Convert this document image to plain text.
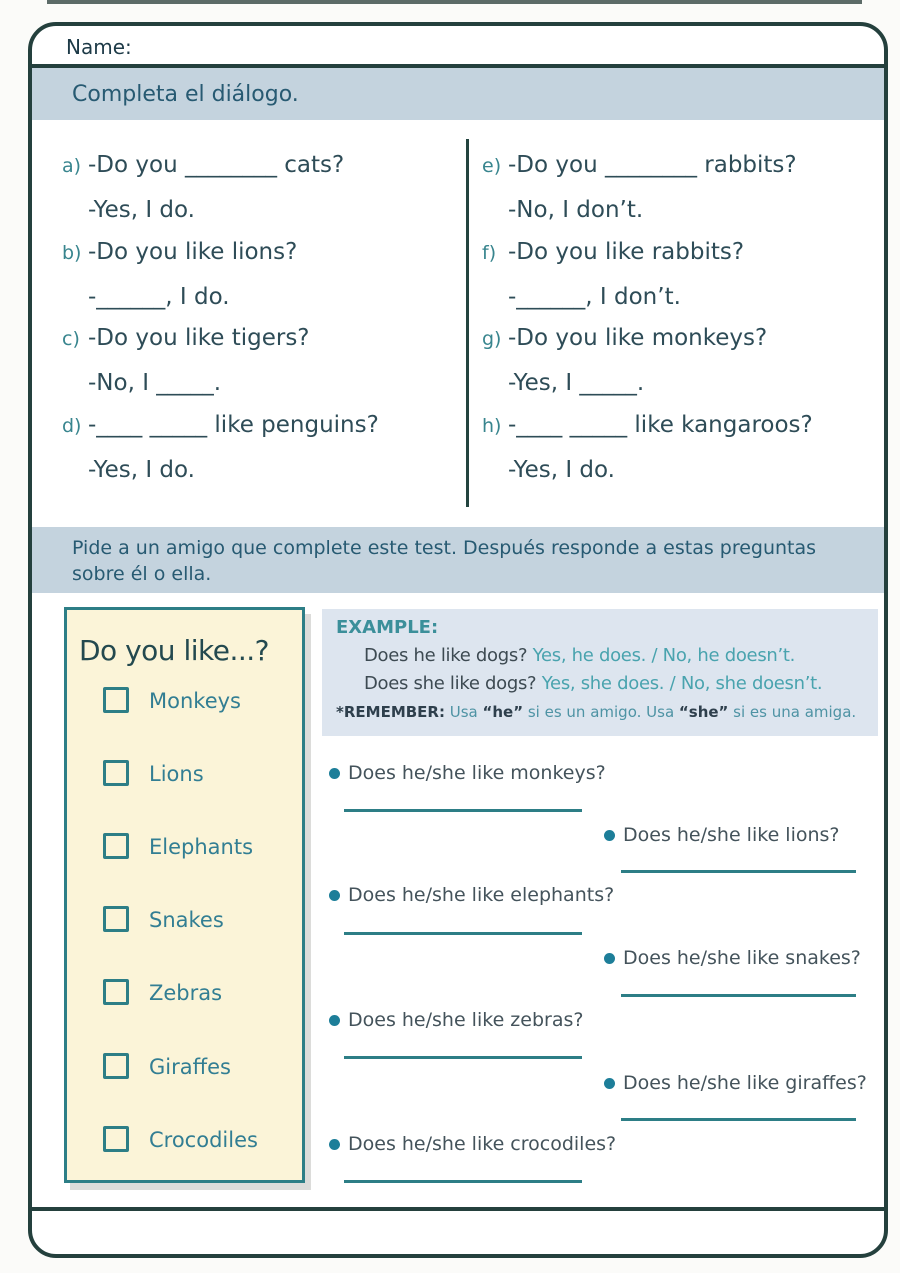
Name:
Completa el diálogo.
a) -Do you ________ cats?
-Yes, I do.
b) -Do you like lions?
-______, I do.
c) -Do you like tigers?
-No, I _____.
d) -____ _____ like penguins?
-Yes, I do.
e) -Do you ________ rabbits?
-No, I don’t.
f) -Do you like rabbits?
-______, I don’t.
g) -Do you like monkeys?
-Yes, I _____.
h) -____ _____ like kangaroos?
-Yes, I do.
Pide a un amigo que complete este test. Después responde a estas preguntas sobre él o ella.
Do you like...?
Monkeys
Lions
Elephants
Snakes
Zebras
Giraffes
Crocodiles
EXAMPLE:
Does he like dogs? Yes, he does. / No, he doesn’t.
Does she like dogs? Yes, she does. / No, she doesn’t.
*REMEMBER: Usa “he” si es un amigo. Usa “she” si es una amiga.
Does he/she like monkeys?
Does he/she like lions?
Does he/she like elephants?
Does he/she like snakes?
Does he/she like zebras?
Does he/she like giraffes?
Does he/she like crocodiles?
